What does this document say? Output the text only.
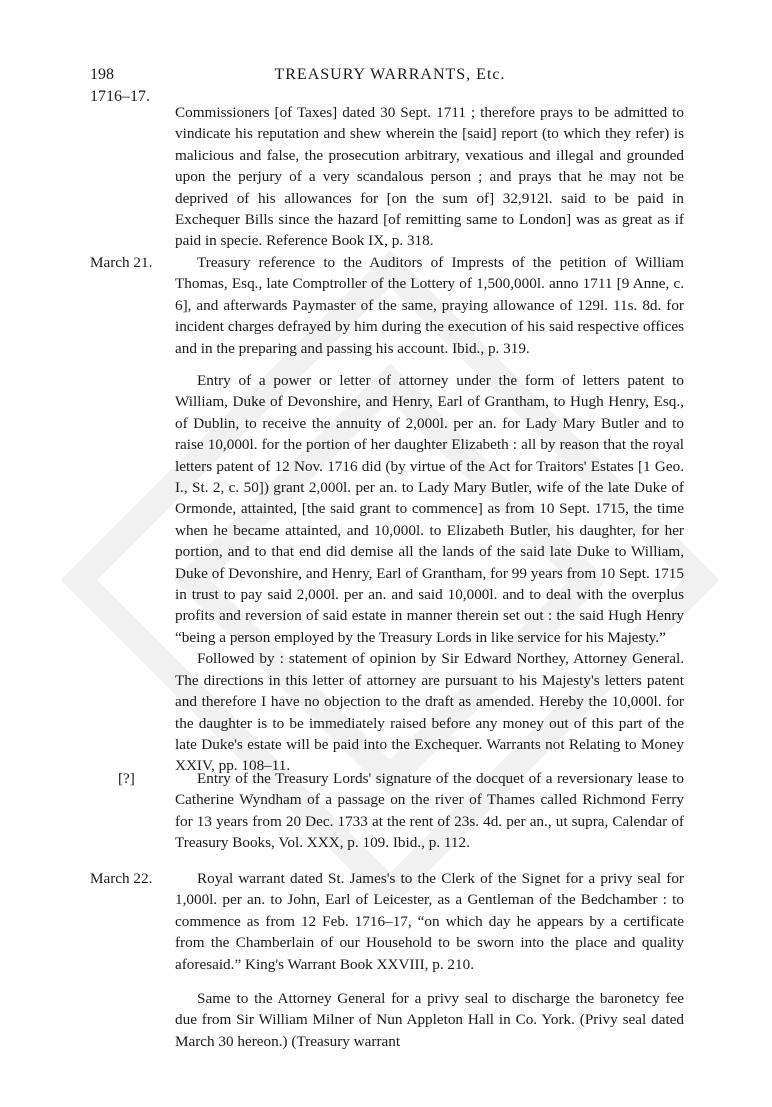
198	TREASURY WARRANTS, Etc.
1716–17.

Commissioners [of Taxes] dated 30 Sept. 1711 ; therefore prays to be admitted to vindicate his reputation and shew wherein the [said] report (to which they refer) is malicious and false, the prosecution arbitrary, vexatious and illegal and grounded upon the perjury of a very scandalous person ; and prays that he may not be deprived of his allowances for [on the sum of] 32,912l. said to be paid in Exchequer Bills since the hazard [of remitting same to London] was as great as if paid in specie. Reference Book IX, p. 318.

March 21.	Treasury reference to the Auditors of Imprests of the petition of William Thomas, Esq., late Comptroller of the Lottery of 1,500,000l. anno 1711 [9 Anne, c. 6], and afterwards Paymaster of the same, praying allowance of 129l. 11s. 8d. for incident charges defrayed by him during the execution of his said respective offices and in the preparing and passing his account. Ibid., p. 319.

Entry of a power or letter of attorney under the form of letters patent to William, Duke of Devonshire, and Henry, Earl of Grantham, to Hugh Henry, Esq., of Dublin, to receive the annuity of 2,000l. per an. for Lady Mary Butler and to raise 10,000l. for the portion of her daughter Elizabeth : all by reason that the royal letters patent of 12 Nov. 1716 did (by virtue of the Act for Traitors' Estates [1 Geo. I., St. 2, c. 50]) grant 2,000l. per an. to Lady Mary Butler, wife of the late Duke of Ormonde, attainted, [the said grant to commence] as from 10 Sept. 1715, the time when he became attainted, and 10,000l. to Elizabeth Butler, his daughter, for her portion, and to that end did demise all the lands of the said late Duke to William, Duke of Devonshire, and Henry, Earl of Grantham, for 99 years from 10 Sept. 1715 in trust to pay said 2,000l. per an. and said 10,000l. and to deal with the overplus profits and reversion of said estate in manner therein set out : the said Hugh Henry “being a person employed by the Treasury Lords in like service for his Majesty.”

Followed by : statement of opinion by Sir Edward Northey, Attorney General. The directions in this letter of attorney are pursuant to his Majesty's letters patent and therefore I have no objection to the draft as amended. Hereby the 10,000l. for the daughter is to be immediately raised before any money out of this part of the late Duke's estate will be paid into the Exchequer. Warrants not Relating to Money XXIV, pp. 108–11.

[?]	Entry of the Treasury Lords' signature of the docquet of a reversionary lease to Catherine Wyndham of a passage on the river of Thames called Richmond Ferry for 13 years from 20 Dec. 1733 at the rent of 23s. 4d. per an., ut supra, Calendar of Treasury Books, Vol. XXX, p. 109. Ibid., p. 112.

March 22.	Royal warrant dated St. James's to the Clerk of the Signet for a privy seal for 1,000l. per an. to John, Earl of Leicester, as a Gentleman of the Bedchamber : to commence as from 12 Feb. 1716–17, “on which day he appears by a certificate from the Chamberlain of our Household to be sworn into the place and quality aforesaid.” King's Warrant Book XXVIII, p. 210.

Same to the Attorney General for a privy seal to discharge the baronetcy fee due from Sir William Milner of Nun Appleton Hall in Co. York. (Privy seal dated March 30 hereon.) (Treasury warrant
